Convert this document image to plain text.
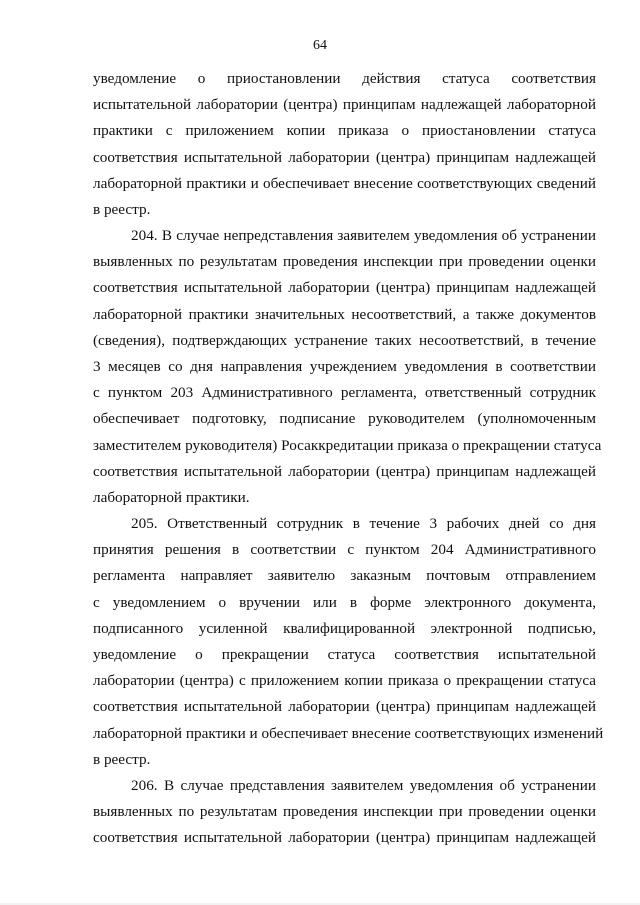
64
уведомление о приостановлении действия статуса соответствия
испытательной лаборатории (центра) принципам надлежащей лабораторной
практики с приложением копии приказа о приостановлении статуса
соответствия испытательной лаборатории (центра) принципам надлежащей
лабораторной практики и обеспечивает внесение соответствующих сведений
в реестр.
204. В случае непредставления заявителем уведомления об устранении
выявленных по результатам проведения инспекции при проведении оценки
соответствия испытательной лаборатории (центра) принципам надлежащей
лабораторной практики значительных несоответствий, а также документов
(сведения), подтверждающих устранение таких несоответствий, в течение
3 месяцев со дня направления учреждением уведомления в соответствии
с пунктом 203 Административного регламента, ответственный сотрудник
обеспечивает подготовку, подписание руководителем (уполномоченным
заместителем руководителя) Росаккредитации приказа о прекращении статуса
соответствия испытательной лаборатории (центра) принципам надлежащей
лабораторной практики.
205. Ответственный сотрудник в течение 3 рабочих дней со дня
принятия решения в соответствии с пунктом 204 Административного
регламента направляет заявителю заказным почтовым отправлением
с уведомлением о вручении или в форме электронного документа,
подписанного усиленной квалифицированной электронной подписью,
уведомление о прекращении статуса соответствия испытательной
лаборатории (центра) с приложением копии приказа о прекращении статуса
соответствия испытательной лаборатории (центра) принципам надлежащей
лабораторной практики и обеспечивает внесение соответствующих изменений
в реестр.
206. В случае представления заявителем уведомления об устранении
выявленных по результатам проведения инспекции при проведении оценки
соответствия испытательной лаборатории (центра) принципам надлежащей
